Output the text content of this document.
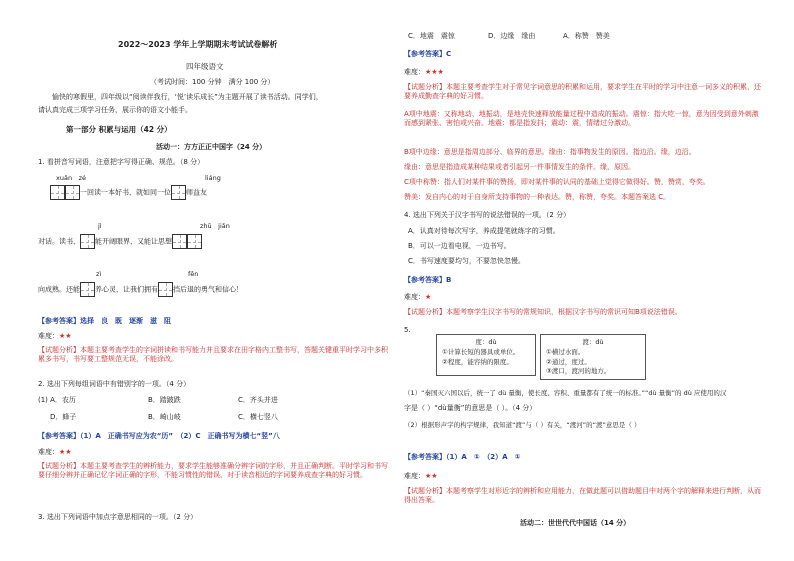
2022～2023 学年上学期期末考试试卷解析
四年级语文
（考试时间：100 分钟　满分 100 分）
愉快的寒假里，四年级以“阅读伴我行，‘悦’读乐成长”为主题开展了读书活动。同学们，
请认真完成三项学习任务，展示你的语文小能手。
第一部分 积累与运用（42 分）
活动一：方方正正中国字（24 分）
1. 看拼音写词语，注意把字写得正确、规范。（8 分）
xuǎn　zé	liáng
一回读一本好书，就如同一位 师益友
jì	zhū　jiǎn
对话。读书， 能开阔眼界，又能让思想
zì	fěn
向成熟。还能 养心灵，让我们拥有 挡后退的勇气和信心！
【参考答案】选择　良　既　逐渐　滋　阻
难度：★★
【试题分析】本题主要考查学生的字词拼读和书写能力并且要求在田字格内工整书写，答题关键重平时学习中多积累多书写，书写要工整规范无误，不能涂改。
2. 选出下列每组词语中有错别字的一项。（4 分）
(1) A．农历	B．踏跛跌	C．齐头并进
D．蜂子	B．崎山岐	C．横七竖八
【参考答案】（1）A　正确书写应为农“历”　（2）C　正确书写为横七“竖”八
难度：★★
【试题分析】本题主要考查学生的辨析能力，要求学生能够准确分辨字词的字形，并且正确判断。平时学习和书写要仔细分辨并正确记忆字词正确的字形，不能习惯性的错误，对于读音相近的字词要养成查字典的好习惯。
3. 选出下列词语中加点字意思相同的一项。（2 分）
C．地震　震惊	D．边缘　缘由	A．称赞　赞美
【参考答案】C
难度：★★★
【试题分析】本题主要考查学生对于常见字词意思的积累和运用，要求学生在平时的学习中注意一词多义的积累，还要养成勤查字典的好习惯。
A项中地震：又称地动、地振动，是地壳快速释放能量过程中造成的振动。震惊：指大吃一惊，意为因受到意外刺激而感到紧张、害怕或兴奋。地震：都是指发抖；震动：震，情绪过分激动。
B项中边缘：意思是指周边部分、临界的意思。缘由：指事物发生的原因。指边沿。缘，边沿。
缘由：意思是指造成某种结果或者引起另一件事情发生的条件。缘，原因。
C项中称赞：指人们对某件事的赞扬，即对某件事的认同的基础上觉得它做得好。赞，赞赏，夸奖。
赞美：发自内心的对于自身所支持事物的一种表达。赞，称赞，夸奖。本题答案选 C。
4. 选出下列关于汉字书写的说法错误的一项。（2 分）
A．认真对待每次写字，养成提笔就练字的习惯。
B．可以一边看电视，一边书写。
C．书写速度要均匀，不要忽快忽慢。
【参考答案】B
难度：★
【试题分析】本题考察学生汉字书写的常规知识，根据汉字书写的常识可知B项说法错误。
5.
度：dù
①计算长短的器具或单位。
②程度，能容纳的限度。
渡：dù
①横过水面。
②通过，度过。
③渡口，渡河的地方。
（1）“秦国灭六国以后，统一了 dù 量衡，使长度、容积、重量都有了统一的标准。”“dù 量衡”的 dù 应使用的汉
字是（ ）“dù量衡”的意思是（ ）。（4 分）
（2）根据形声字的构字规律，我知道“渡”与（ ）有关，“渡河”的“渡”意思是（ ）
【参考答案】（1）A　①　（2）A　①
难度：★★
【试题分析】本题考察学生对形近字的辨析和应用能力，在做此题可以借助题目中对两个字的解释来进行判断，从而得出答案。
活动二：世世代代中国话（14 分）
